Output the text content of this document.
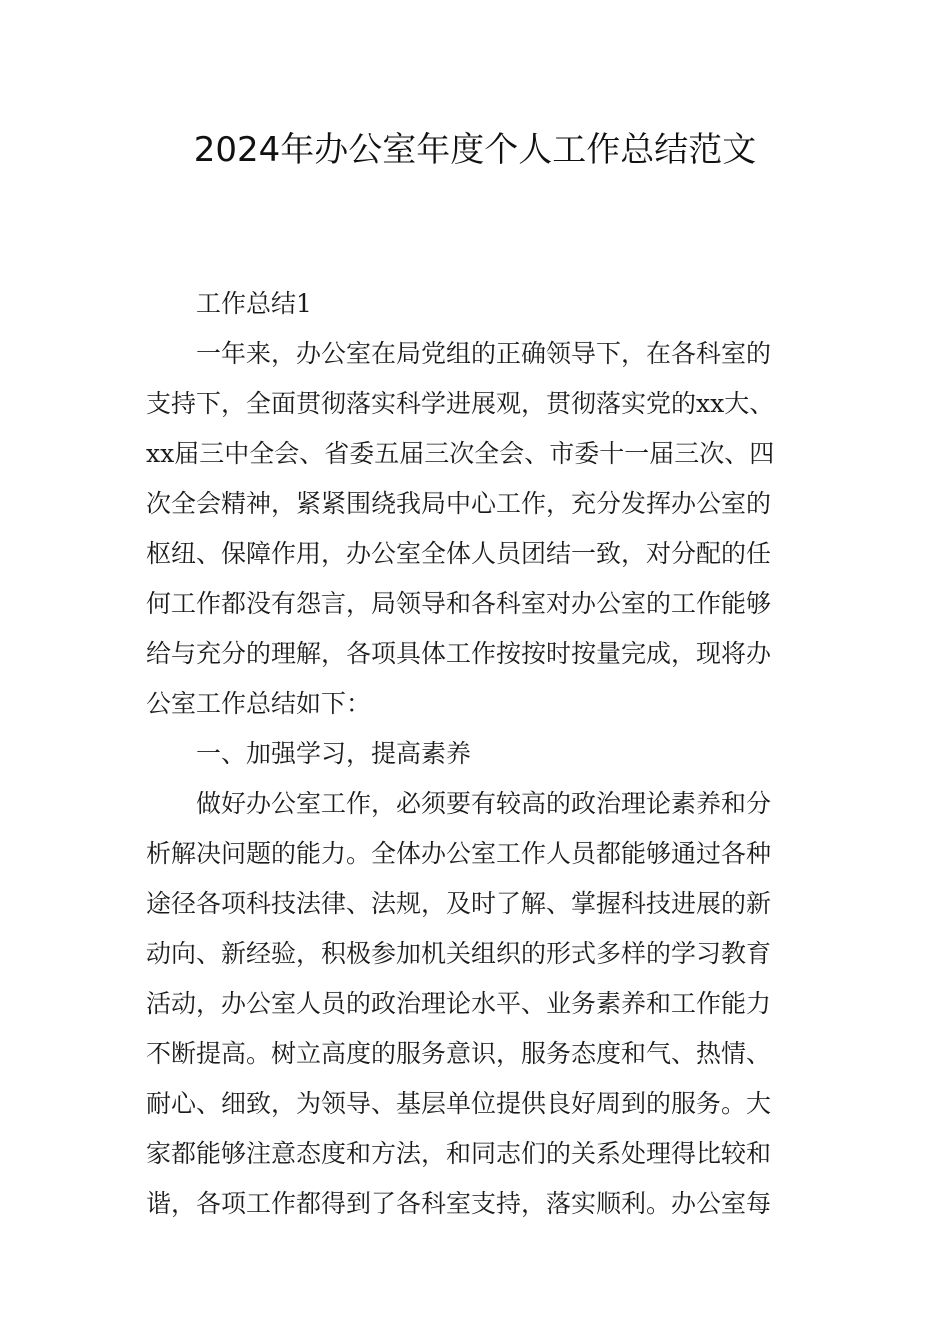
2024年办公室年度个人工作总结范文

工作总结1

一年来，办公室在局党组的正确领导下，在各科室的

支持下，全面贯彻落实科学进展观，贯彻落实党的xx大、

xx届三中全会、省委五届三次全会、市委十一届三次、四

次全会精神，紧紧围绕我局中心工作，充分发挥办公室的

枢纽、保障作用，办公室全体人员团结一致，对分配的任

何工作都没有怨言，局领导和各科室对办公室的工作能够

给与充分的理解，各项具体工作按按时按量完成，现将办

公室工作总结如下：

一、加强学习，提高素养

做好办公室工作，必须要有较高的政治理论素养和分

析解决问题的能力。全体办公室工作人员都能够通过各种

途径各项科技法律、法规，及时了解、掌握科技进展的新

动向、新经验，积极参加机关组织的形式多样的学习教育

活动，办公室人员的政治理论水平、业务素养和工作能力

不断提高。树立高度的服务意识，服务态度和气、热情、

耐心、细致，为领导、基层单位提供良好周到的服务。大

家都能够注意态度和方法，和同志们的关系处理得比较和

谐，各项工作都得到了各科室支持，落实顺利。办公室每
